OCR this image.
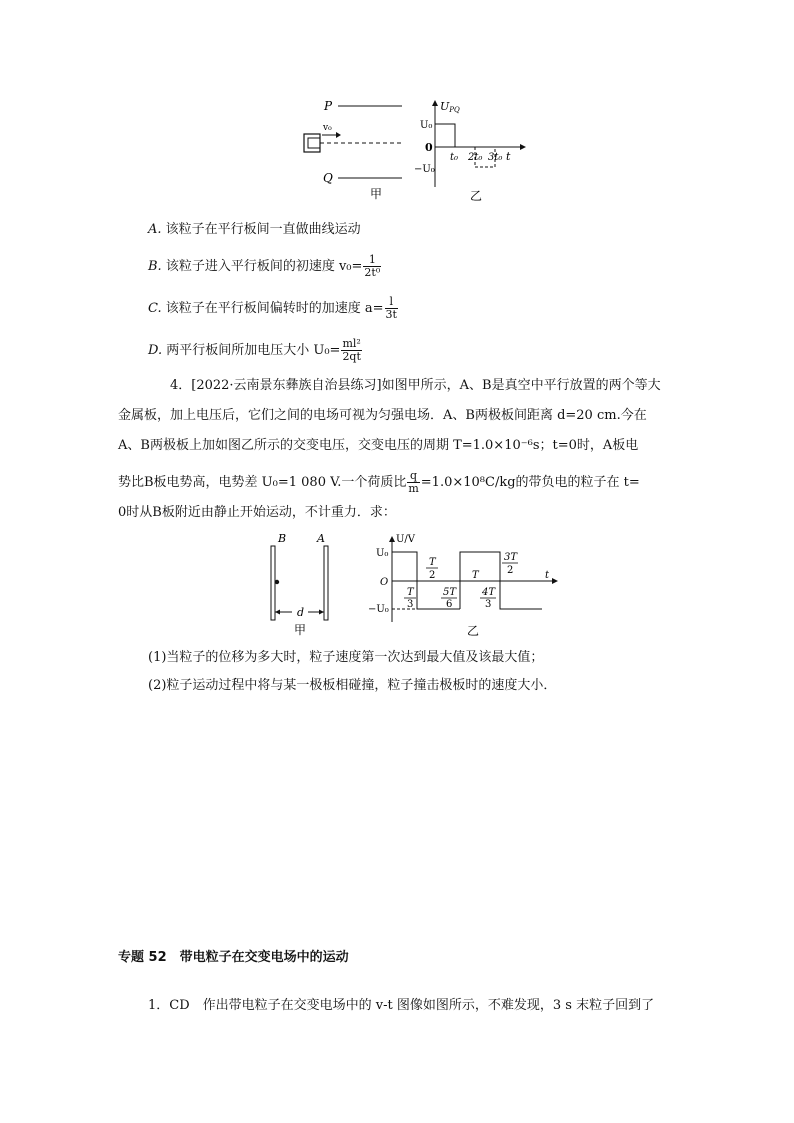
P
Q
v₀
甲
UPQ
t
U₀
0
−U₀
t₀ 2t₀ 3t₀
乙
A. 该粒子在平行板间一直做曲线运动
B. 该粒子进入平行板间的初速度 $v_0= \frac{1}{\text{2t⁰}}$
C. 该粒子在平行板间偏转时的加速度 $a= \frac{l}{3t}$
D. 两平行板间所加电压大小 $U_0= \frac{\text{ml²}}{2qt}$
4．[2022·云南景东彝族自治县练习]如图甲所示，A、B是真空中平行放置的两个等大
金属板，加上电压后，它们之间的电场可视为匀强电场．A、B两极板间距离 d=20 cm.今在
A、B两极板上加如图乙所示的交变电压，交变电压的周期 T=1.0×10⁻⁶s；t=0时，A板电
势比B板电势高，电势差 U₀=1 080 V.一个荷质比 $\frac{q}{m} =1.0\times 10^8C/kg$的带负电的粒子在 t=
0时从B板附近由静止开始运动，不计重力．求：
B	A
d
甲
U/V
t
U₀
O
−U₀
T
2
T
3
5T
6
T
4T
3
3T
2
乙
(1)当粒子的位移为多大时，粒子速度第一次达到最大值及该最大值；
(2)粒子运动过程中将与某一极板相碰撞，粒子撞击极板时的速度大小．
专题 52　带电粒子在交变电场中的运动
1．CD　作出带电粒子在交变电场中的 v-t 图像如图所示，不难发现，3 s 末粒子回到了
